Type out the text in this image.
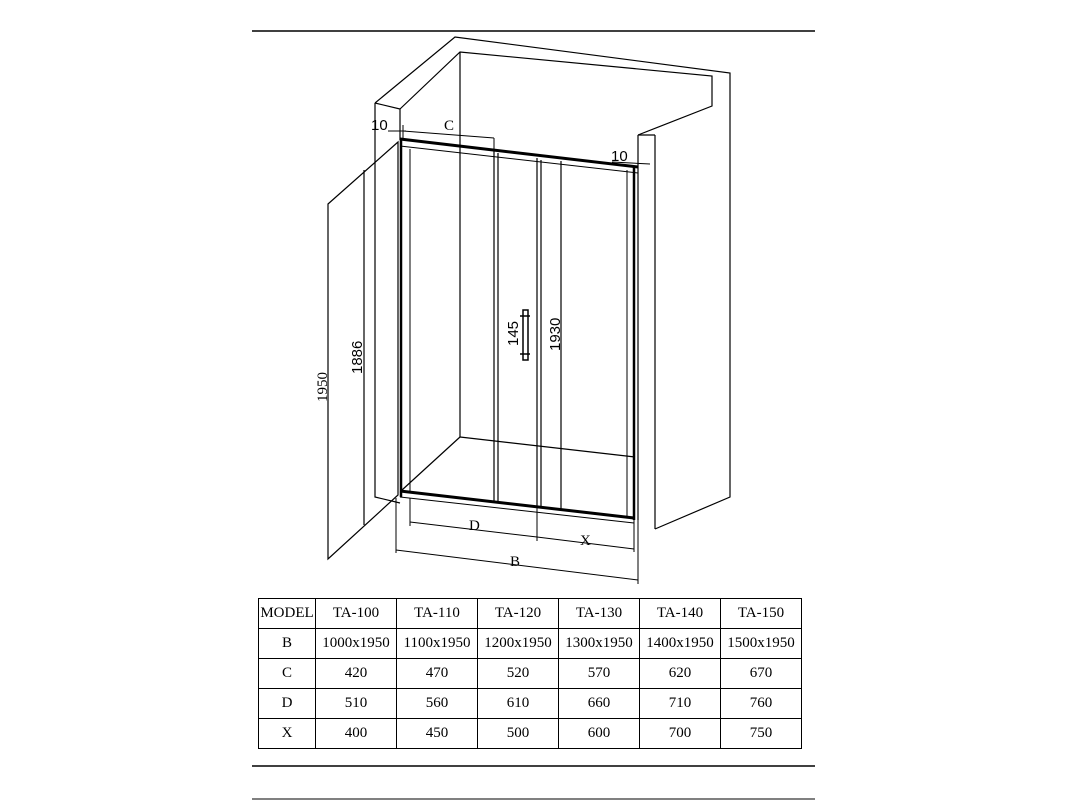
C
10
10
1950
1886
145 1930
D
X
B
MODEL	TA-100	TA-110	TA-120	TA-130	TA-140	TA-150
B	1000x1950	1100x1950	1200x1950	1300x1950	1400x1950	1500x1950
C	420	470	520	570	620	670
D	510	560	610	660	710	760
X	400	450	500	600	700	750
